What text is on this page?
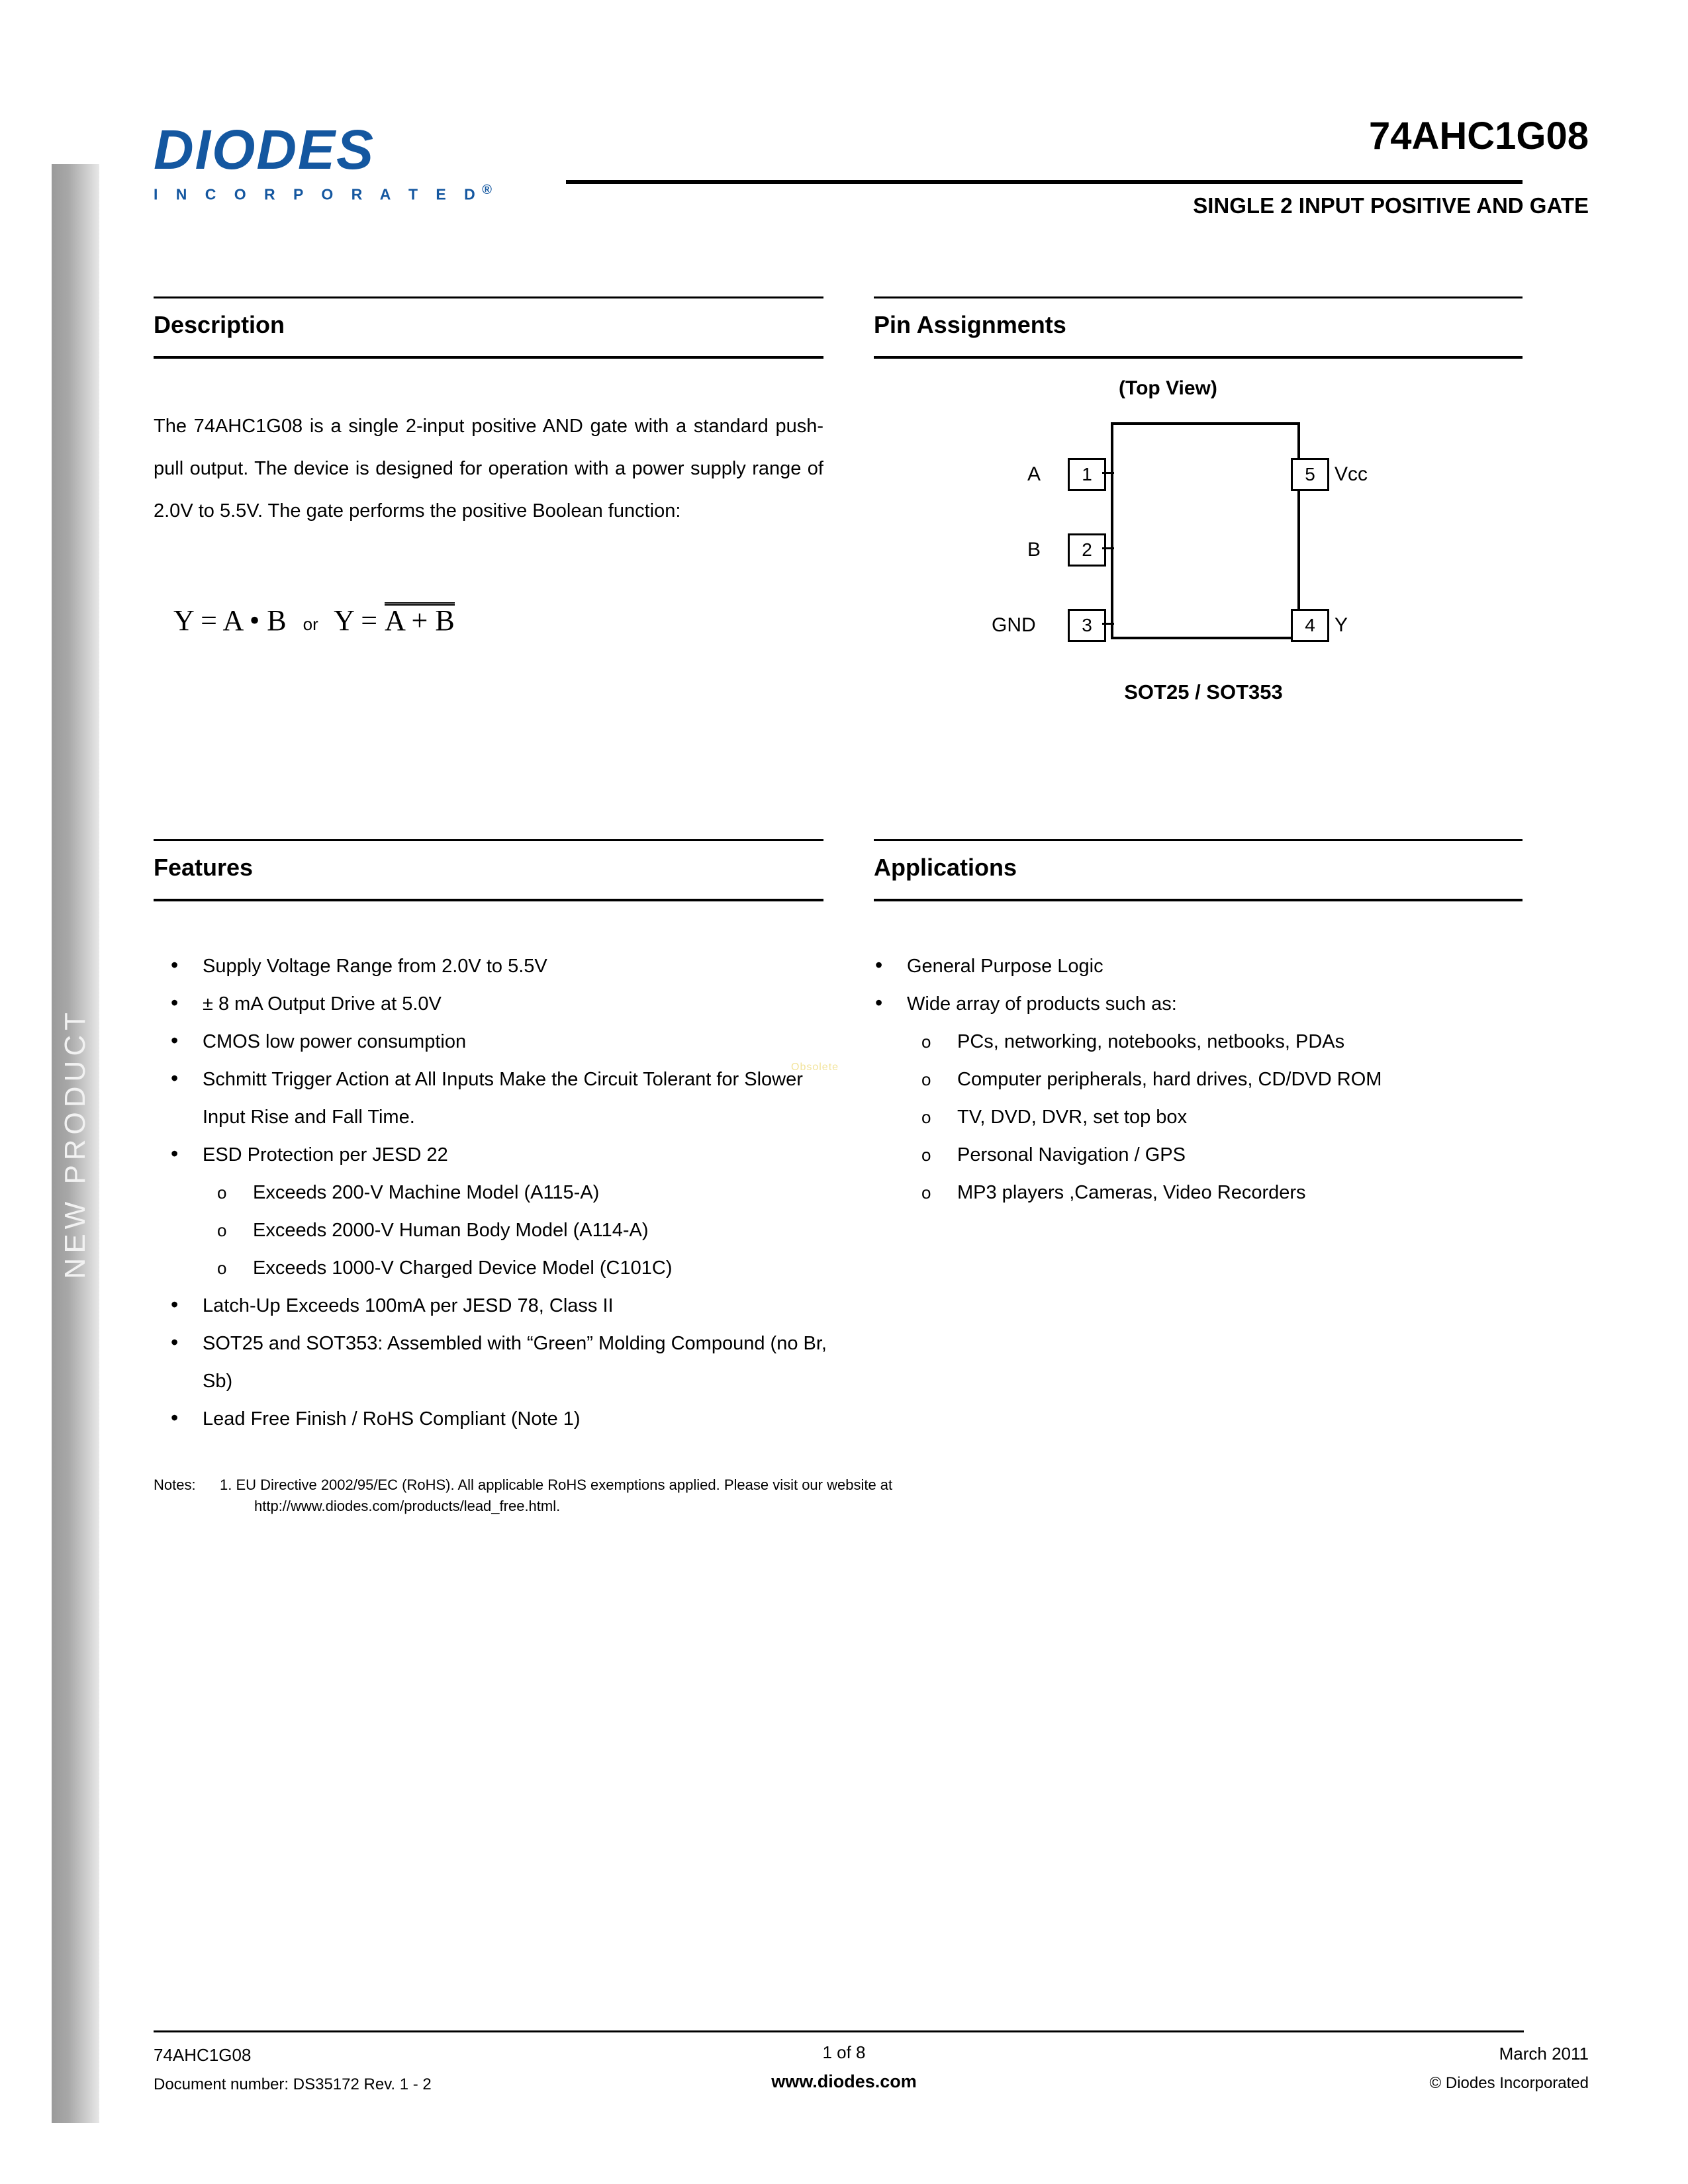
NEW PRODUCT
DIODES
I N C O R P O R A T E D®
74AHC1G08
SINGLE 2 INPUT POSITIVE AND GATE
Description
The 74AHC1G08 is a single 2-input positive AND gate with a standard push-pull output. The device is designed for operation with a power supply range of 2.0V to 5.5V. The gate performs the positive Boolean function:
Y = A • B or Y = A + B
Pin Assignments
(Top View)
1
A
2
B
3
GND
5 Vcc
4 Y
SOT25 / SOT353
Features
• Supply Voltage Range from 2.0V to 5.5V
• ± 8 mA Output Drive at 5.0V
• CMOS low power consumption
• Schmitt Trigger Action at All Inputs Make the Circuit Tolerant for Slower Input Rise and Fall Time.
• ESD Protection per JESD 22
o Exceeds 200-V Machine Model (A115-A)
o Exceeds 2000-V Human Body Model (A114-A)
o Exceeds 1000-V Charged Device Model (C101C)
• Latch-Up Exceeds 100mA per JESD 78, Class II
• SOT25 and SOT353: Assembled with “Green” Molding Compound (no Br, Sb)
• Lead Free Finish / RoHS Compliant (Note 1)
Applications
• General Purpose Logic
• Wide array of products such as:
o PCs, networking, notebooks, netbooks, PDAs
o Computer peripherals, hard drives, CD/DVD ROM
o TV, DVD, DVR, set top box
o Personal Navigation / GPS
o MP3 players ,Cameras, Video Recorders
Obsolete
Notes: 1. EU Directive 2002/95/EC (RoHS). All applicable RoHS exemptions applied. Please visit our website at
http://www.diodes.com/products/lead_free.html.
74AHC1G08
Document number: DS35172 Rev. 1 - 2
1 of 8
www.diodes.com
March 2011
© Diodes Incorporated
